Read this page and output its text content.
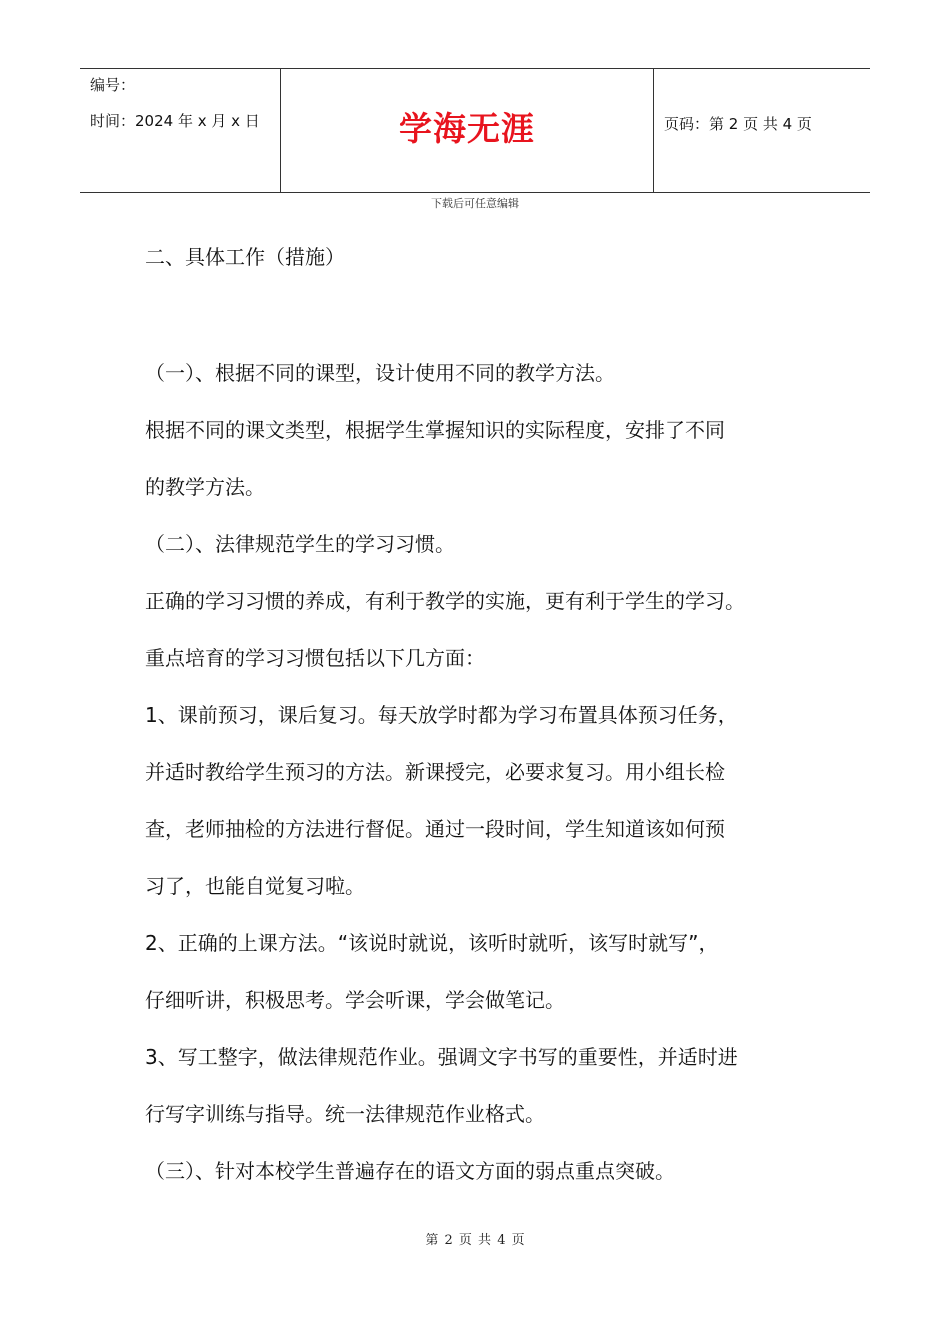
编号：
时间：2024 年 x 月 x 日	学海无涯	页码：第 2 页 共 4 页
下载后可任意编辑
二、具体工作（措施）
（一）、根据不同的课型，设计使用不同的教学方法。
根据不同的课文类型，根据学生掌握知识的实际程度，安排了不同
的教学方法。
（二）、法律规范学生的学习习惯。
正确的学习习惯的养成，有利于教学的实施，更有利于学生的学习。
重点培育的学习习惯包括以下几方面：
1、课前预习，课后复习。每天放学时都为学习布置具体预习任务，
并适时教给学生预习的方法。新课授完，必要求复习。用小组长检
查，老师抽检的方法进行督促。通过一段时间，学生知道该如何预
习了，也能自觉复习啦。
2、正确的上课方法。“该说时就说，该听时就听，该写时就写”，
仔细听讲，积极思考。学会听课，学会做笔记。
3、写工整字，做法律规范作业。强调文字书写的重要性，并适时进
行写字训练与指导。统一法律规范作业格式。
（三）、针对本校学生普遍存在的语文方面的弱点重点突破。
第 2 页 共 4 页
